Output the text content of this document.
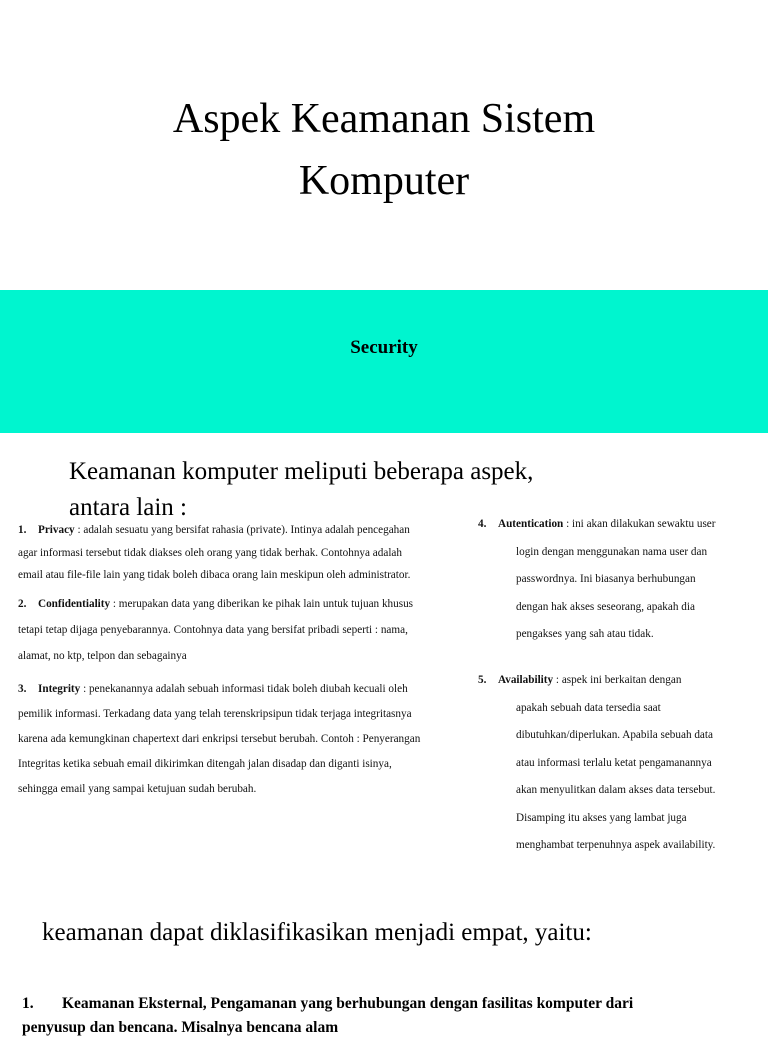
Aspek Keamanan Sistem
Komputer
Security
Keamanan komputer meliputi beberapa aspek,
antara lain :
1. Privacy : adalah sesuatu yang bersifat rahasia (private). Intinya adalah pencegahan
agar informasi tersebut tidak diakses oleh orang yang tidak berhak. Contohnya adalah
email atau file-file lain yang tidak boleh dibaca orang lain meskipun oleh administrator.
2. Confidentiality : merupakan data yang diberikan ke pihak lain untuk tujuan khusus
tetapi tetap dijaga penyebarannya. Contohnya data yang bersifat pribadi seperti : nama,
alamat, no ktp, telpon dan sebagainya
3. Integrity : penekanannya adalah sebuah informasi tidak boleh diubah kecuali oleh
pemilik informasi. Terkadang data yang telah terenskripsipun tidak terjaga integritasnya
karena ada kemungkinan chapertext dari enkripsi tersebut berubah. Contoh : Penyerangan
Integritas ketika sebuah email dikirimkan ditengah jalan disadap dan diganti isinya,
sehingga email yang sampai ketujuan sudah berubah.
4. Autentication : ini akan dilakukan sewaktu user
login dengan menggunakan nama user dan
passwordnya. Ini biasanya berhubungan
dengan hak akses seseorang, apakah dia
pengakses yang sah atau tidak.
5. Availability : aspek ini berkaitan dengan
apakah sebuah data tersedia saat
dibutuhkan/diperlukan. Apabila sebuah data
atau informasi terlalu ketat pengamanannya
akan menyulitkan dalam akses data tersebut.
Disamping itu akses yang lambat juga
menghambat terpenuhnya aspek availability.
keamanan dapat diklasifikasikan menjadi empat, yaitu:
1. Keamanan Eksternal, Pengamanan yang berhubungan dengan fasilitas komputer dari
penyusup dan bencana. Misalnya bencana alam
